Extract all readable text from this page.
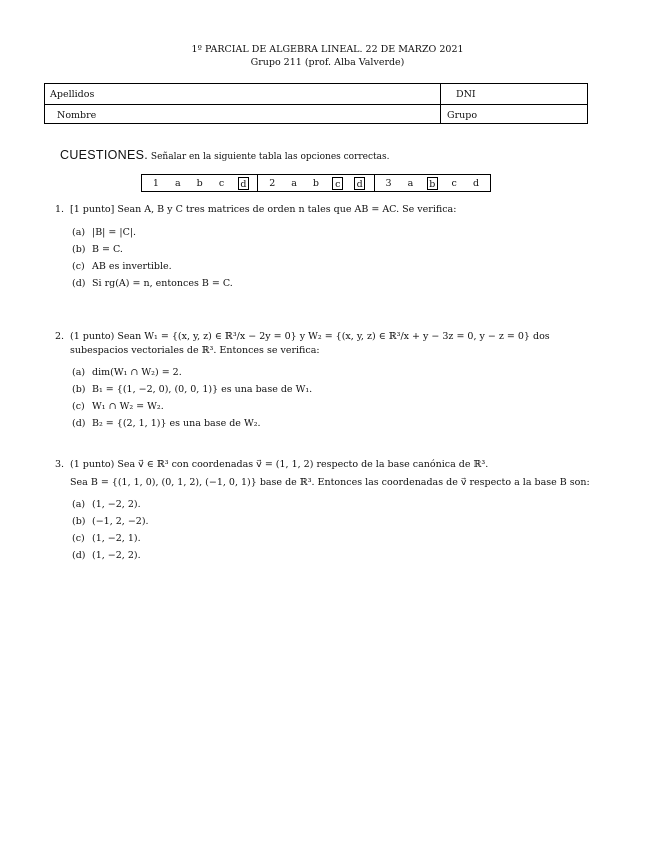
1º PARCIAL DE ALGEBRA LINEAL. 22 DE MARZO 2021
Grupo 211 (prof. Alba Valverde)
Apellidos	DNI
Nombre	Grupo
CUESTIONES. Señalar en la siguiente tabla las opciones correctas.
1 a b c d 2 a b c d 3 a b c d
1. [1 punto] Sean A, B y C tres matrices de orden n tales que AB = AC. Se verifica:
(a) |B| = |C|.
(b) B = C.
(c) AB es invertible.
(d) Si rg(A) = n, entonces B = C.
2. (1 punto) Sean W₁ = {(x, y, z) ∈ ℝ³/x − 2y = 0} y W₂ = {(x, y, z) ∈ ℝ³/x + y − 3z = 0, y − z = 0} dos subespacios vectoriales de ℝ³. Entonces se verifica:
(a) dim(W₁ ∩ W₂) = 2.
(b) B₁ = {(1, −2, 0), (0, 0, 1)} es una base de W₁.
(c) W₁ ∩ W₂ = W₂.
(d) B₂ = {(2, 1, 1)} es una base de W₂.
3. (1 punto) Sea v⃗ ∈ ℝ³ con coordenadas v⃗ = (1, 1, 2) respecto de la base canónica de ℝ³.
Sea B = {(1, 1, 0), (0, 1, 2), (−1, 0, 1)} base de ℝ³. Entonces las coordenadas de v⃗ respecto a la base B son:
(a) (1, −2, 2).
(b) (−1, 2, −2).
(c) (1, −2, 1).
(d) (1, −2, 2).
